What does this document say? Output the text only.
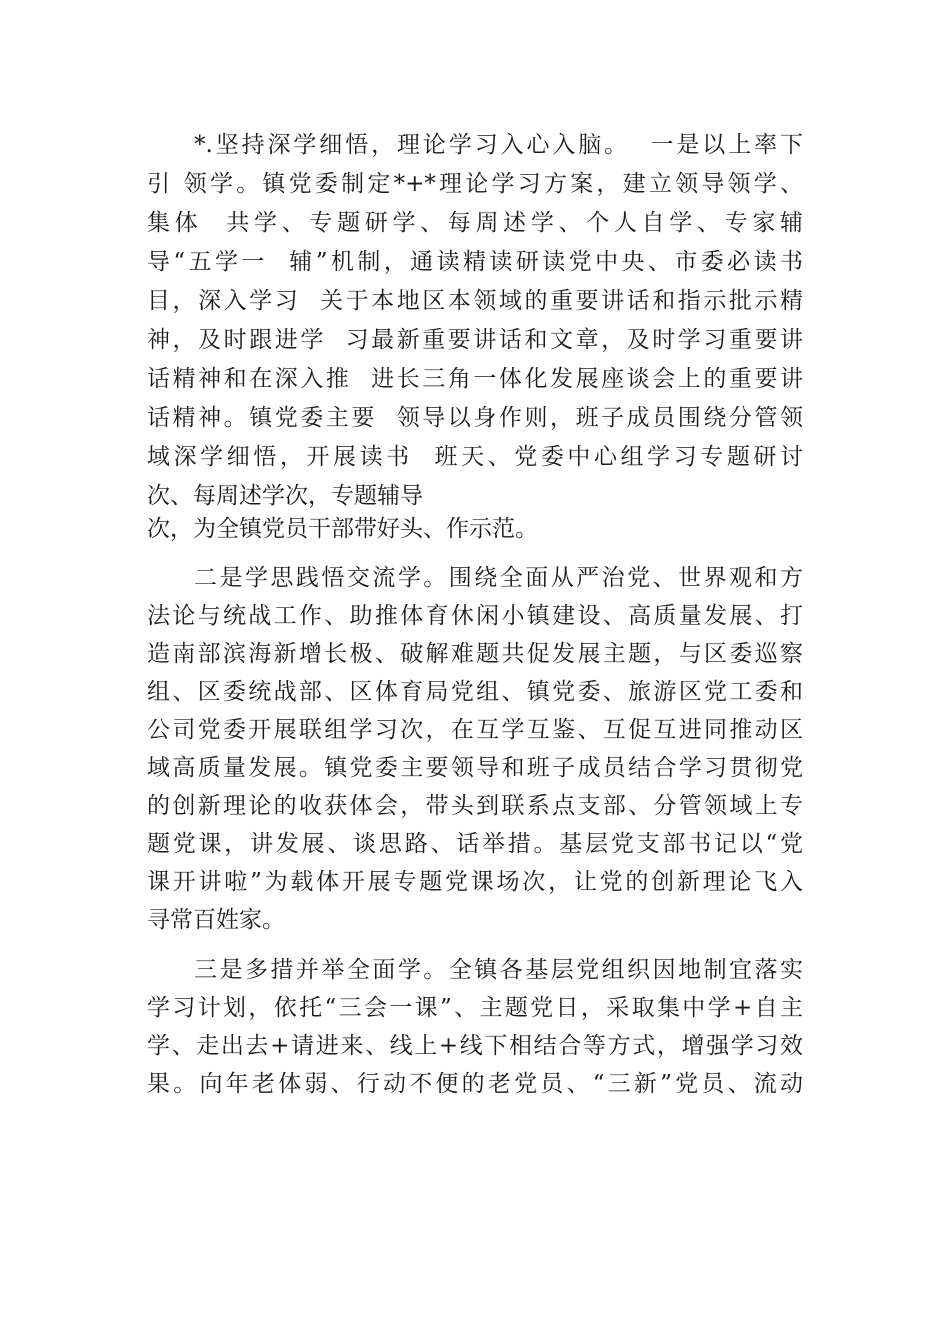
*.坚持深学细悟，理论学习入心入脑。  一是以上率下
引 领学。镇党委制定*+*理论学习方案，建立领导领学、
集体  共学、专题研学、每周述学、个人自学、专家辅
导“五学一  辅”机制，通读精读研读党中央、市委必读书
目，深入学习  关于本地区本领域的重要讲话和指示批示精
神，及时跟进学  习最新重要讲话和文章，及时学习重要讲
话精神和在深入推  进长三角一体化发展座谈会上的重要讲
话精神。镇党委主要  领导以身作则，班子成员围绕分管领
域深学细悟，开展读书  班天、党委中心组学习专题研讨
次、每周述学次，专题辅导
次，为全镇党员干部带好头、作示范。
二是学思践悟交流学。围绕全面从严治党、世界观和方
法论与统战工作、助推体育休闲小镇建设、高质量发展、打
造南部滨海新增长极、破解难题共促发展主题，与区委巡察
组、区委统战部、区体育局党组、镇党委、旅游区党工委和
公司党委开展联组学习次，在互学互鉴、互促互进同推动区
域高质量发展。镇党委主要领导和班子成员结合学习贯彻党
的创新理论的收获体会，带头到联系点支部、分管领域上专
题党课，讲发展、谈思路、话举措。基层党支部书记以“党
课开讲啦”为载体开展专题党课场次，让党的创新理论飞入
寻常百姓家。
三是多措并举全面学。全镇各基层党组织因地制宜落实
学习计划，依托“三会一课”、主题党日，采取集中学+自主
学、走出去+请进来、线上+线下相结合等方式，增强学习效
果。向年老体弱、行动不便的老党员、“三新”党员、流动
